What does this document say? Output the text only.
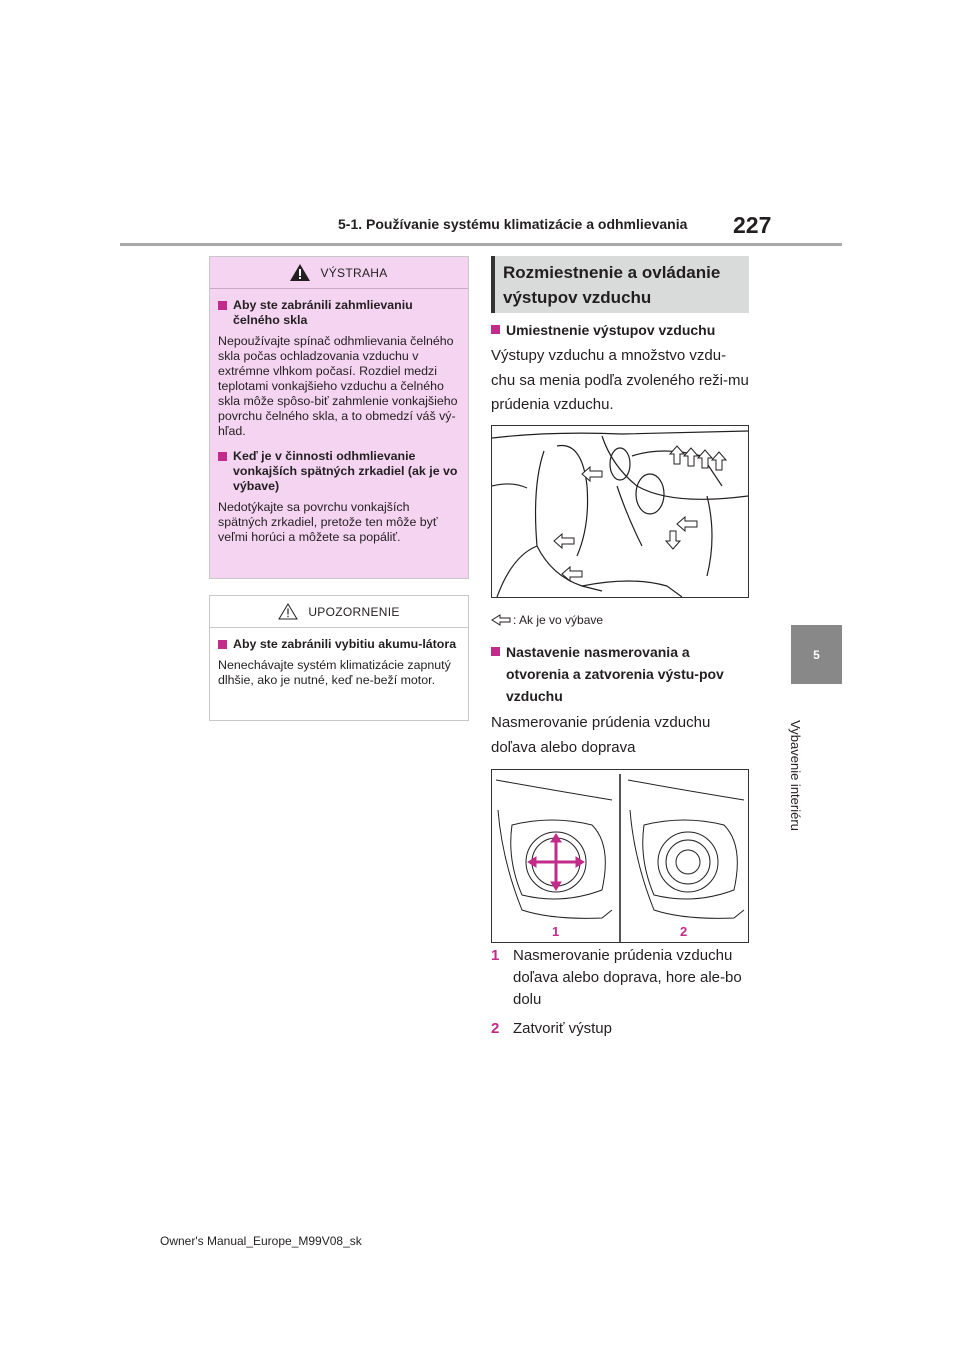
5-1. Používanie systému klimatizácie a odhmlievania 227
5
Vybavenie interiéru
VÝSTRAHA
Aby ste zabránili zahmlievaniu čelného skla
Nepoužívajte spínač odhmlievania čelného skla počas ochladzovania vzduchu v extrémne vlhkom počasí. Rozdiel medzi teplotami vonkajšieho vzduchu a čelného skla môže spôso-biť zahmlenie vonkajšieho povrchu čelného skla, a to obmedzí váš vý-hľad.
Keď je v činnosti odhmlievanie vonkajších spätných zrkadiel (ak je vo výbave)
Nedotýkajte sa povrchu vonkajších spätných zrkadiel, pretože ten môže byť veľmi horúci a môžete sa popáliť.
UPOZORNENIE
Aby ste zabránili vybitiu akumu-látora
Nenechávajte systém klimatizácie zapnutý dlhšie, ako je nutné, keď ne-beží motor.
Rozmiestnenie a ovládanie výstupov vzduchu
Umiestnenie výstupov vzduchu
Výstupy vzduchu a množstvo vzdu-chu sa menia podľa zvoleného reži-mu prúdenia vzduchu.
: Ak je vo výbave
Nastavenie nasmerovania a otvorenia a zatvorenia výstu-pov vzduchu
Nasmerovanie prúdenia vzduchu doľava alebo doprava
1	2
1 Nasmerovanie prúdenia vzduchu doľava alebo doprava, hore ale-bo dolu
2 Zatvoriť výstup
Owner's Manual_Europe_M99V08_sk
